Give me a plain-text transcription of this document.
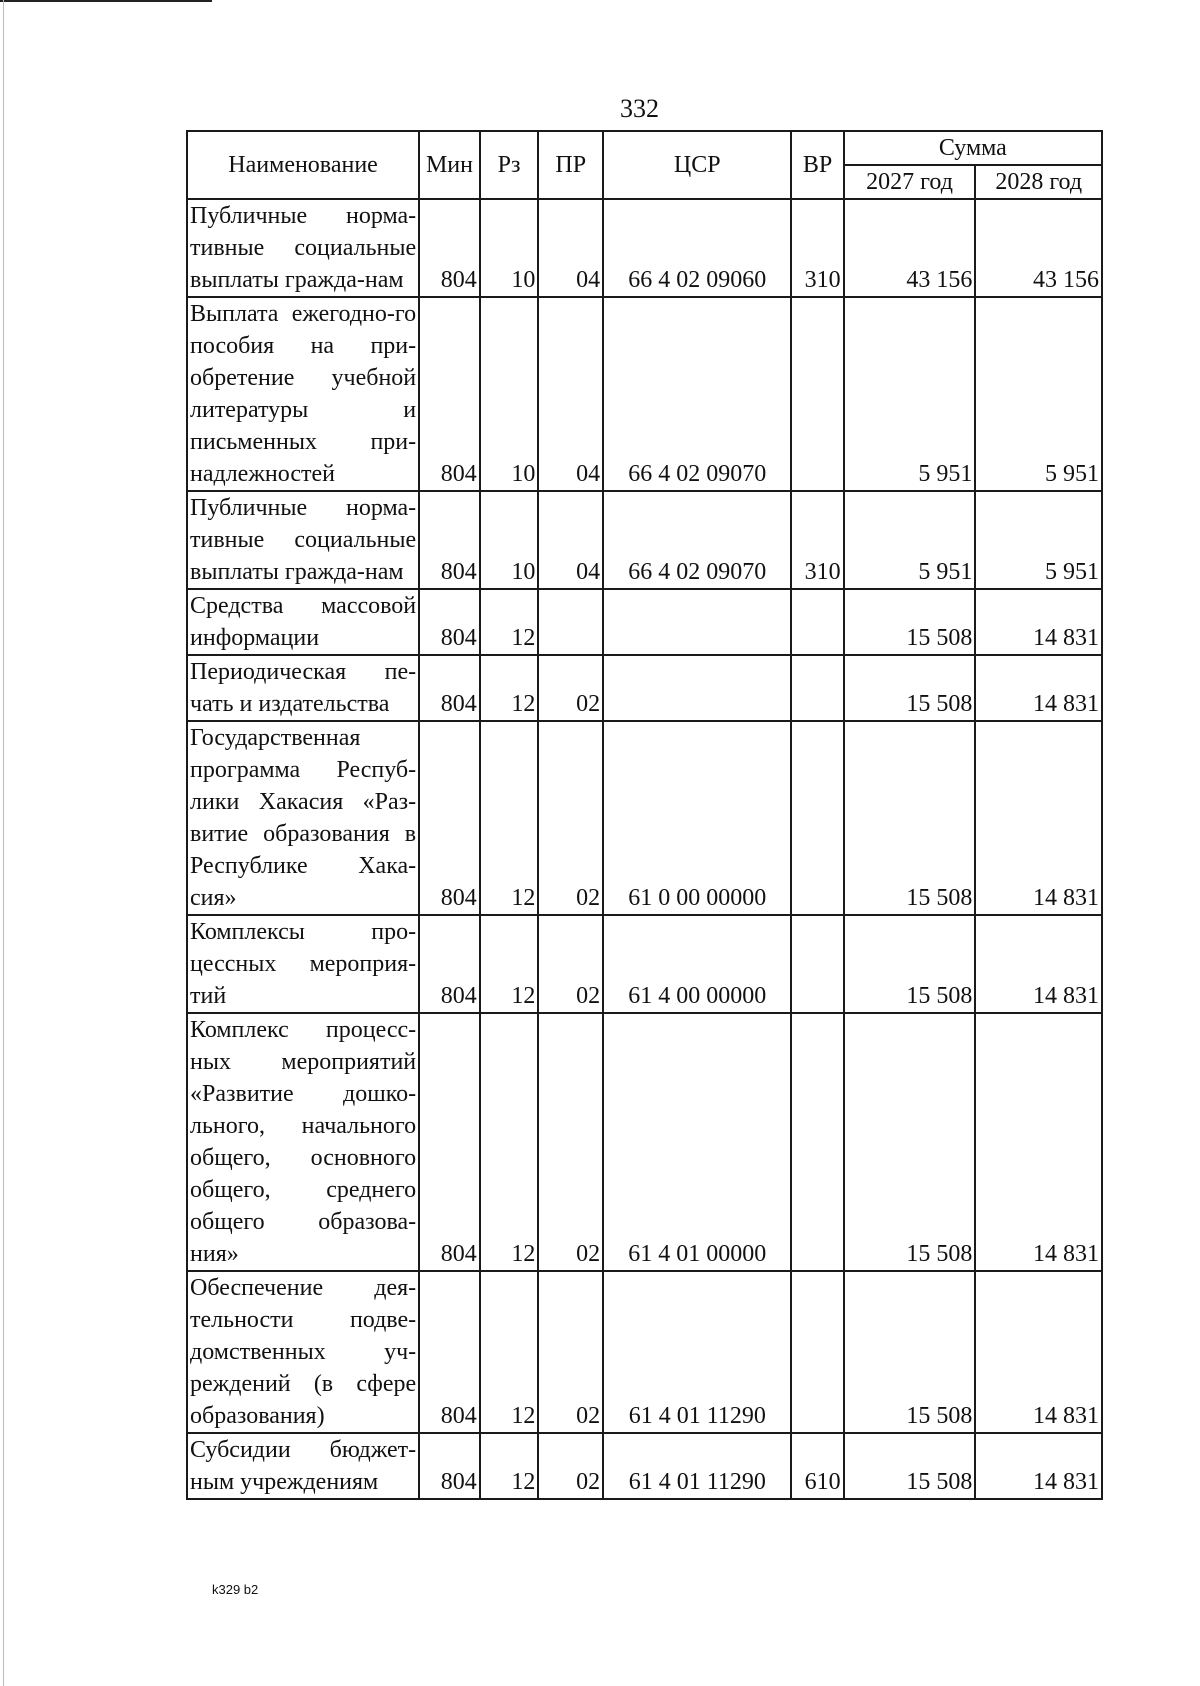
332
Наименование	Мин	Рз	ПР	ЦСР	ВР	Сумма	
						2027 год	2028 год
Публичные норма-тивные социальные выплаты гражда-нам	804	10	04	66 4 02 09060	310	43 156	43 156
Выплата ежегодно-го пособия на при-обретение учебной литературы и письменных при-надлежностей	804	10	04	66 4 02 09070		5 951	5 951
Публичные норма-тивные социальные выплаты гражда-нам	804	10	04	66 4 02 09070	310	5 951	5 951
Средства массовой информации	804	12				15 508	14 831
Периодическая пе-чать и издательства	804	12	02			15 508	14 831
Государственная программа Респуб-лики Хакасия «Раз-витие образования в Республике Хака-сия»	804	12	02	61 0 00 00000		15 508	14 831
Комплексы про-цессных мероприя-тий	804	12	02	61 4 00 00000		15 508	14 831
Комплекс процесс-ных мероприятий «Развитие дошко-льного, начального общего, основного общего, среднего общего образова-ния»	804	12	02	61 4 01 00000		15 508	14 831
Обеспечение дея-тельности подве-домственных уч-реждений (в сфере образования)	804	12	02	61 4 01 11290		15 508	14 831
Субсидии бюджет-ным учреждениям	804	12	02	61 4 01 11290	610	15 508	14 831
k329 b2
